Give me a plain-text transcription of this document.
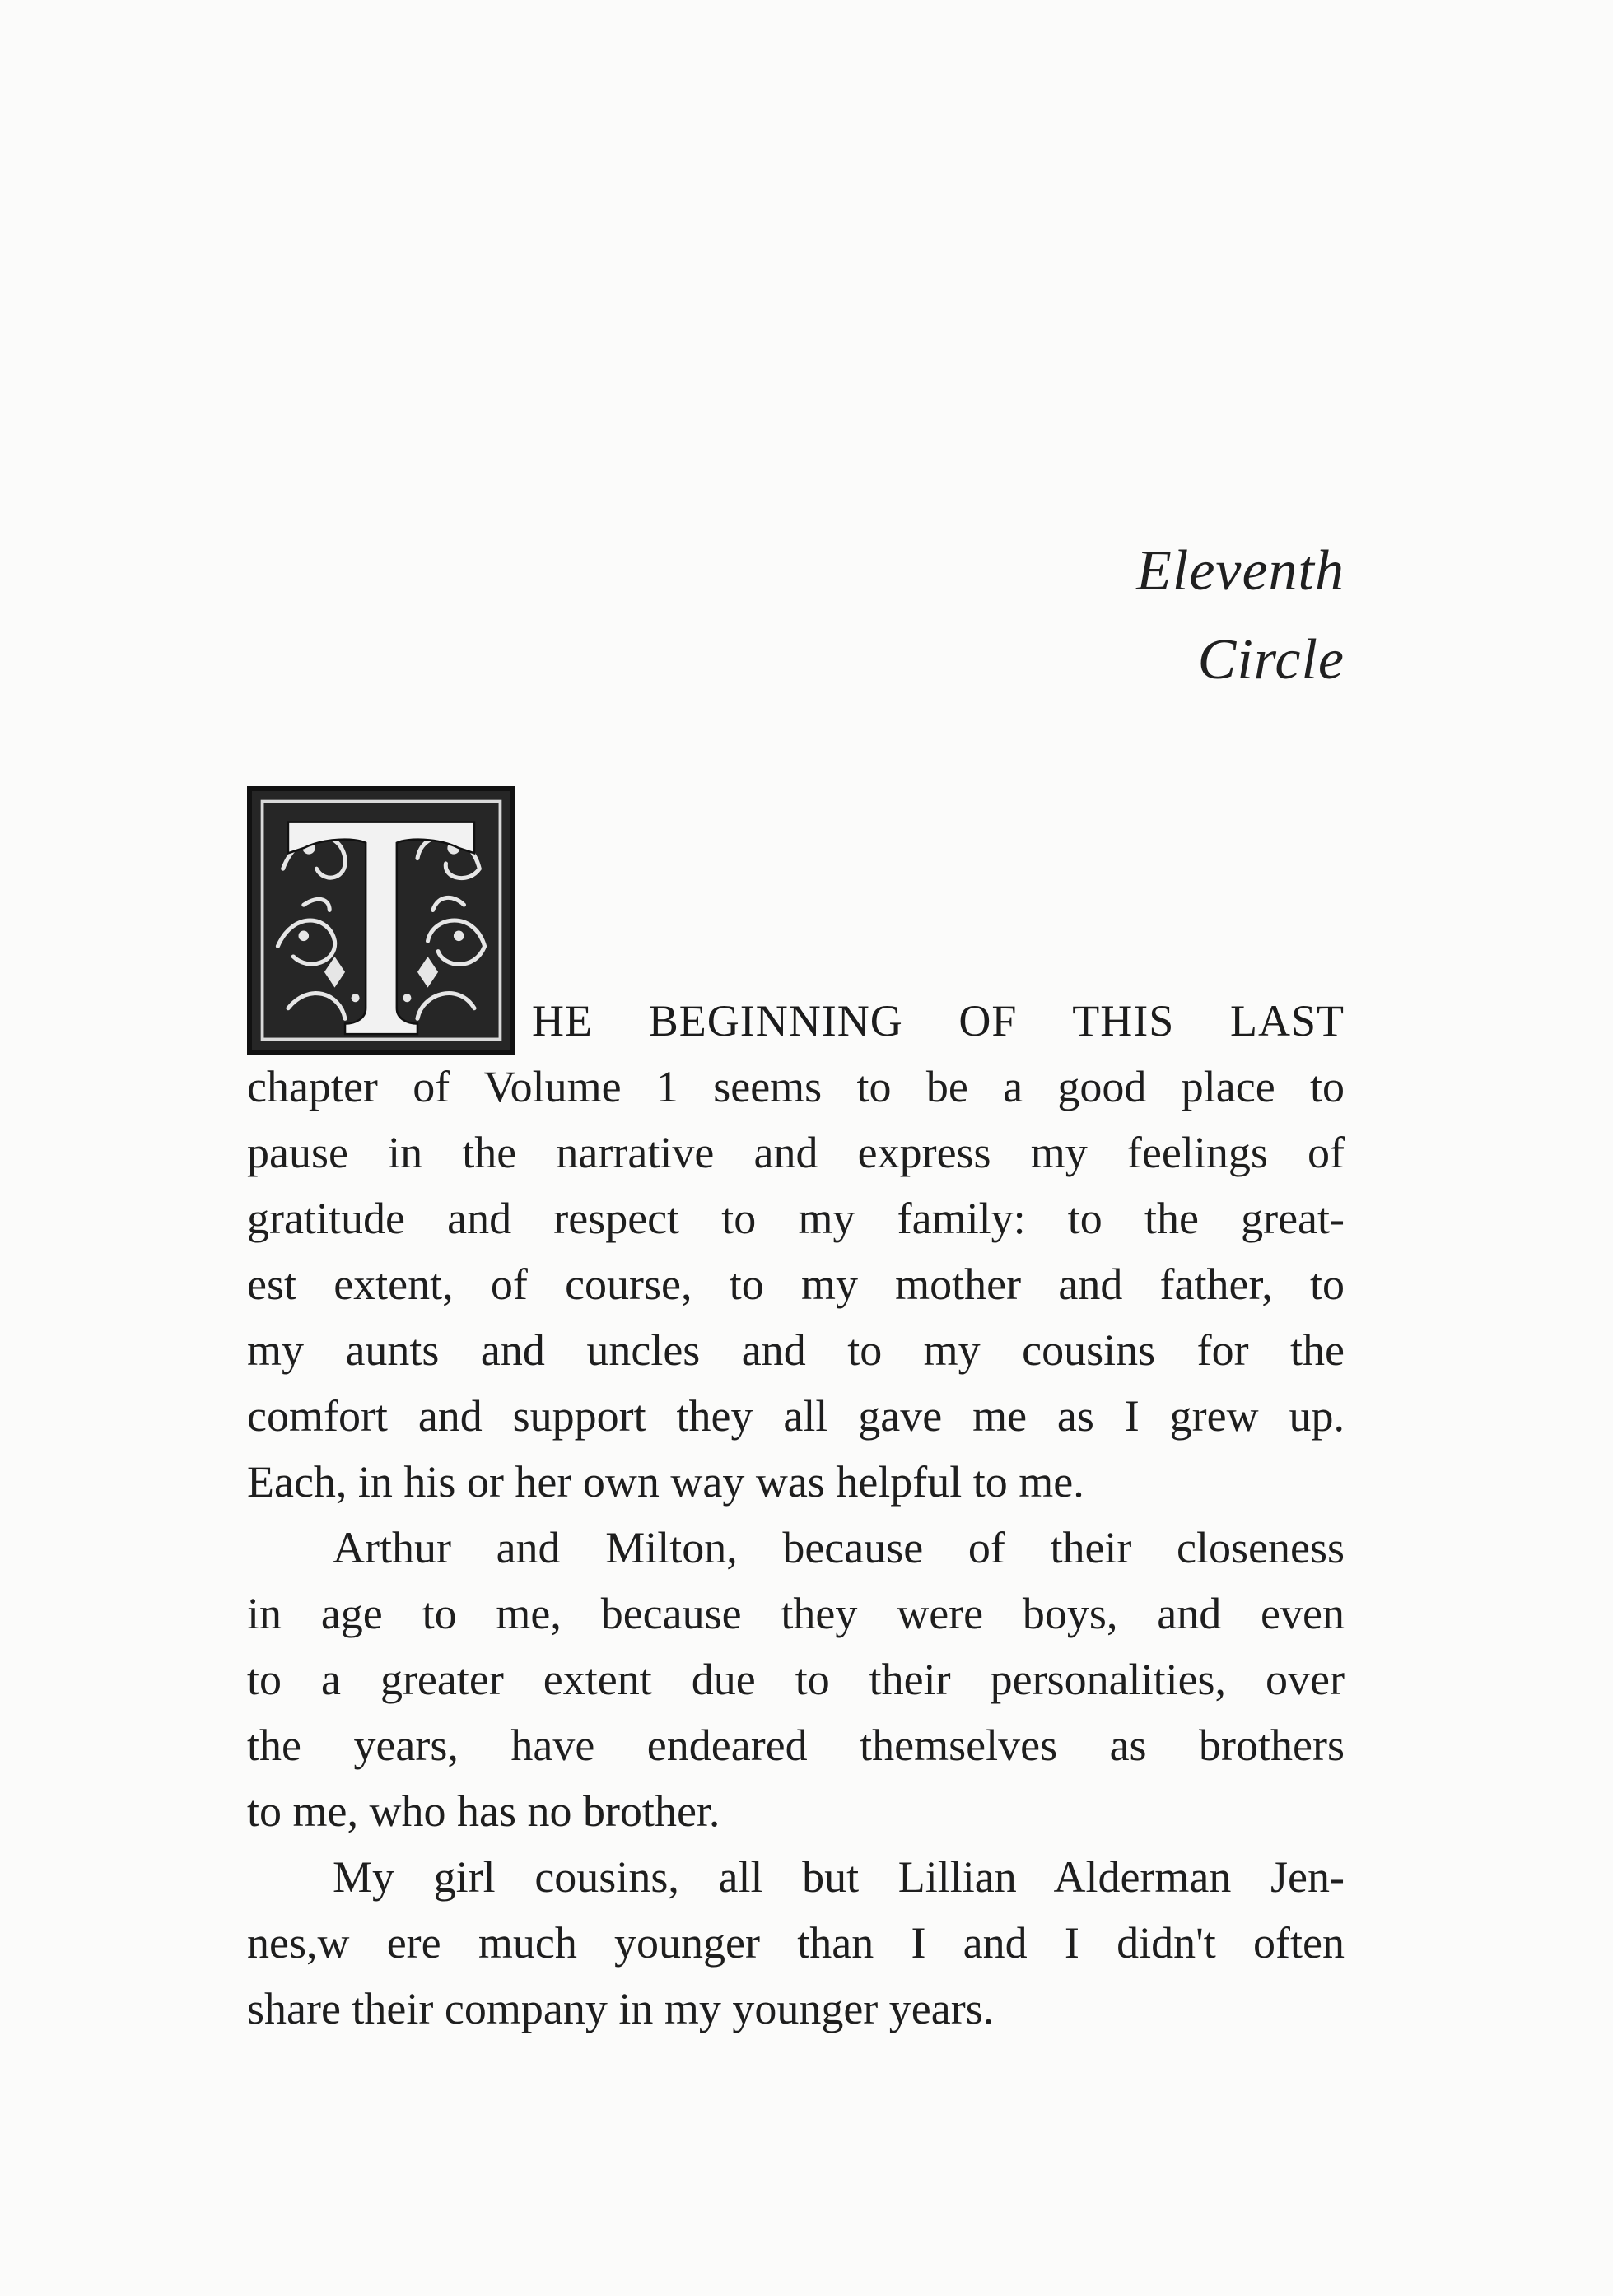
Eleventh
Circle
HE BEGINNING OF THIS LAST
chapter of Volume 1 seems to be a good place to
pause in the narrative and express my feelings of
gratitude and respect to my family: to the great-
est extent, of course, to my mother and father, to
my aunts and uncles and to my cousins for the
comfort and support they all gave me as I grew up.
Each, in his or her own way was helpful to me.
Arthur and Milton, because of their closeness
in age to me, because they were boys, and even
to a greater extent due to their personalities, over
the years, have endeared themselves as brothers
to me, who has no brother.
My girl cousins, all but Lillian Alderman Jen-
nes,w ere much younger than I and I didn't often
share their company in my younger years.
